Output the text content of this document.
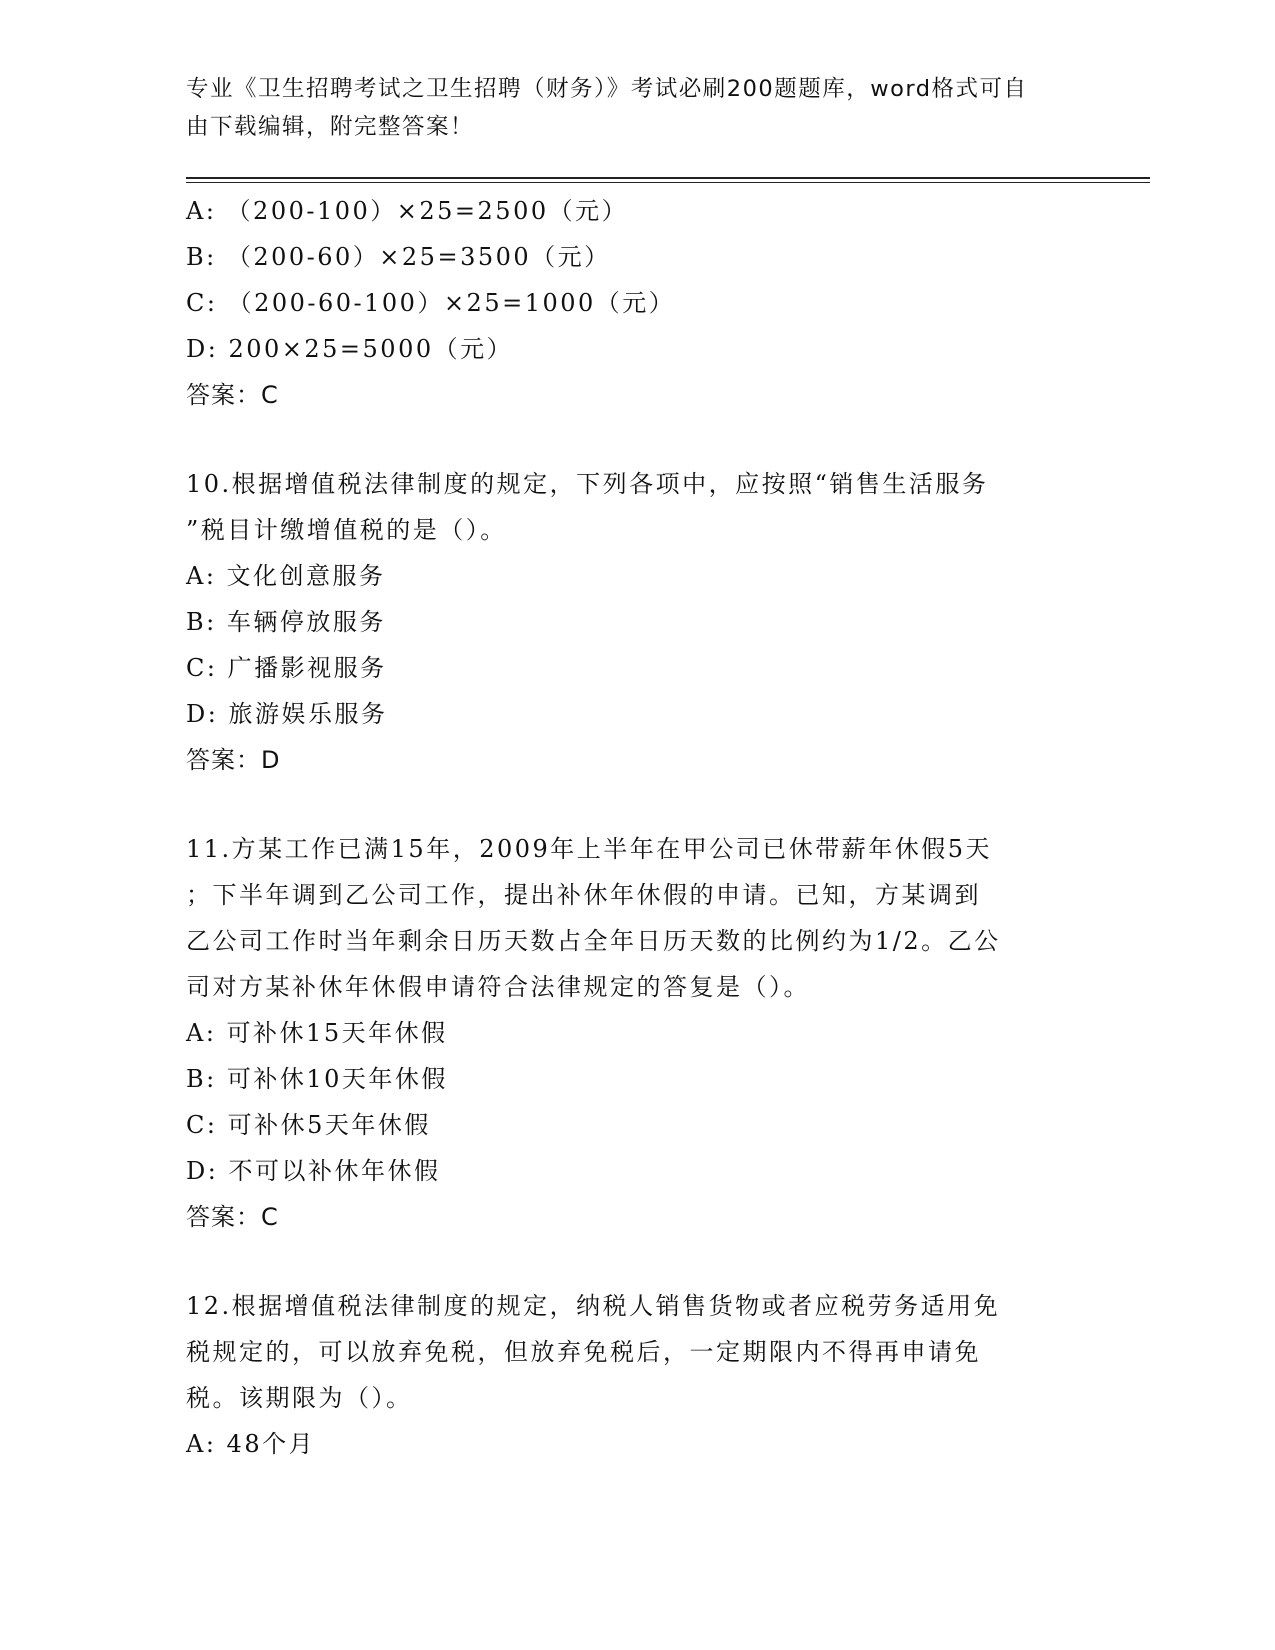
专业《卫生招聘考试之卫生招聘（财务）》考试必刷200题题库，word格式可自
由下载编辑，附完整答案！
A: （200-100）×25=2500（元）
B: （200-60）×25=3500（元）
C: （200-60-100）×25=1000（元）
D: 200×25=5000（元）
答案：C
10.根据增值税法律制度的规定，下列各项中，应按照“销售生活服务
”税目计缴增值税的是（）。
A: 文化创意服务
B: 车辆停放服务
C: 广播影视服务
D: 旅游娱乐服务
答案：D
11.方某工作已满15年，2009年上半年在甲公司已休带薪年休假5天
；下半年调到乙公司工作，提出补休年休假的申请。已知，方某调到
乙公司工作时当年剩余日历天数占全年日历天数的比例约为1/2。乙公
司对方某补休年休假申请符合法律规定的答复是（）。
A: 可补休15天年休假
B: 可补休10天年休假
C: 可补休5天年休假
D: 不可以补休年休假
答案：C
12.根据增值税法律制度的规定，纳税人销售货物或者应税劳务适用免
税规定的，可以放弃免税，但放弃免税后，一定期限内不得再申请免
税。该期限为（）。
A: 48个月
